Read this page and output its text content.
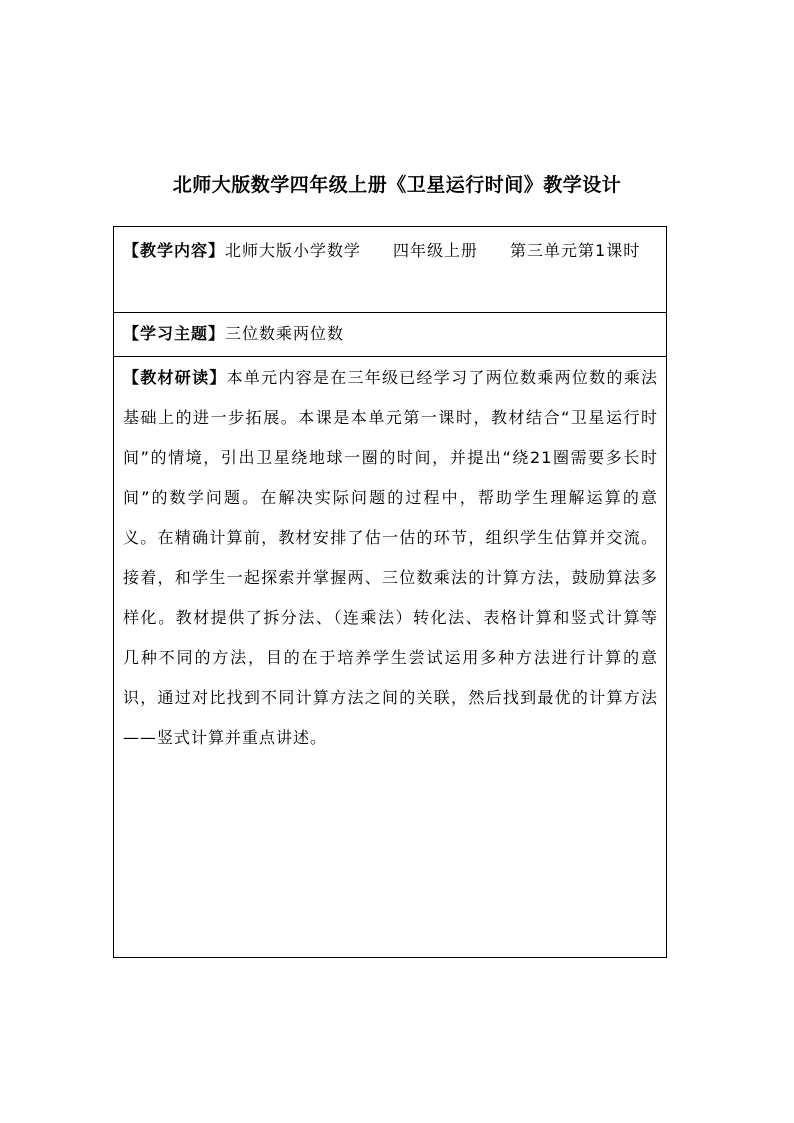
北师大版数学四年级上册《卫星运行时间》教学设计
【教学内容】北师大版小学数学 四年级上册 第三单元第1课时
【学习主题】三位数乘两位数
【教材研读】本单元内容是在三年级已经学习了两位数乘两位数的乘法基础上的进一步拓展。本课是本单元第一课时，教材结合“卫星运行时间”的情境，引出卫星绕地球一圈的时间，并提出“绕21圈需要多长时间”的数学问题。在解决实际问题的过程中，帮助学生理解运算的意义。在精确计算前，教材安排了估一估的环节，组织学生估算并交流。接着，和学生一起探索并掌握两、三位数乘法的计算方法，鼓励算法多样化。教材提供了拆分法、（连乘法）转化法、表格计算和竖式计算等几种不同的方法，目的在于培养学生尝试运用多种方法进行计算的意识，通过对比找到不同计算方法之间的关联，然后找到最优的计算方法——竖式计算并重点讲述。
